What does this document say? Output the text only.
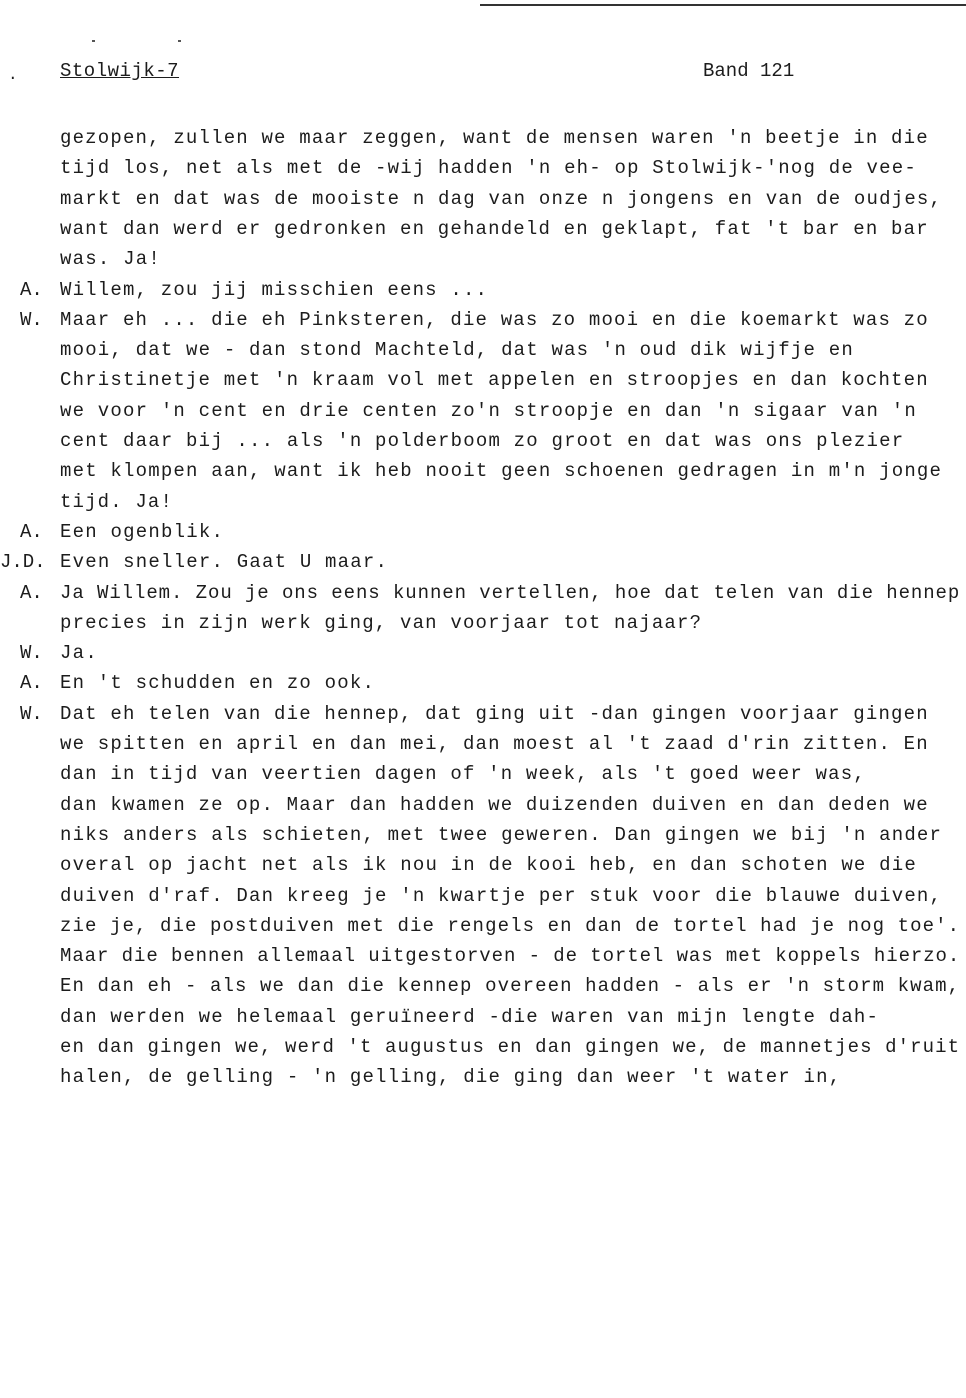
. Stolwijk-7	Band 121
gezopen, zullen we maar zeggen, want de mensen waren 'n beetje in die
tijd los, net als met de -wij hadden 'n eh- op Stolwijk-'nog de vee-
markt en dat was de mooiste n dag van onze n jongens en van de oudjes,
want dan werd er gedronken en gehandeld en geklapt, fat 't bar en bar
was. Ja!
A. Willem, zou jij misschien eens ...
W. Maar eh ... die eh Pinksteren, die was zo mooi en die koemarkt was zo
mooi, dat we - dan stond Machteld, dat was 'n oud dik wijfje en
Christinetje met 'n kraam vol met appelen en stroopjes en dan kochten
we voor 'n cent en drie centen zo'n stroopje en dan 'n sigaar van 'n
cent daar bij ... als 'n polderboom zo groot en dat was ons plezier
met klompen aan, want ik heb nooit geen schoenen gedragen in m'n jonge
tijd. Ja!
A. Een ogenblik.
J.D. Even sneller. Gaat U maar.
A. Ja Willem. Zou je ons eens kunnen vertellen, hoe dat telen van die hennep
precies in zijn werk ging, van voorjaar tot najaar?
W. Ja.
A. En 't schudden en zo ook.
W. Dat eh telen van die hennep, dat ging uit -dan gingen voorjaar gingen
we spitten en april en dan mei, dan moest al 't zaad d'rin zitten. En
dan in tijd van veertien dagen of 'n week, als 't goed weer was,
dan kwamen ze op. Maar dan hadden we duizenden duiven en dan deden we
niks anders als schieten, met twee geweren. Dan gingen we bij 'n ander
overal op jacht net als ik nou in de kooi heb, en dan schoten we die
duiven d'raf. Dan kreeg je 'n kwartje per stuk voor die blauwe duiven,
zie je, die postduiven met die rengels en dan de tortel had je nog toe'.
Maar die bennen allemaal uitgestorven - de tortel was met koppels hierzo.
En dan eh - als we dan die kennep overeen hadden - als er 'n storm kwam,
dan werden we helemaal geruïneerd -die waren van mijn lengte dah-
en dan gingen we, werd 't augustus en dan gingen we, de mannetjes d'ruit
halen, de gelling - 'n gelling, die ging dan weer 't water in,
